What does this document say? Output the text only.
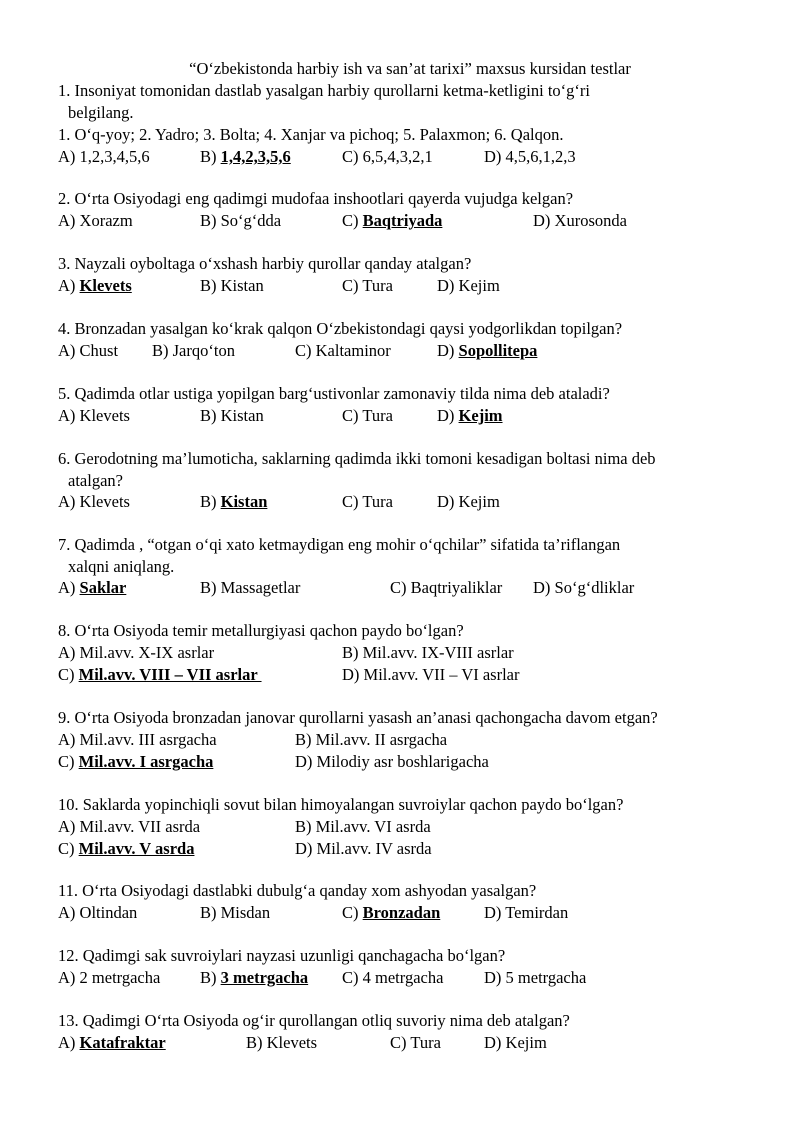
“O‘zbekistonda harbiy ish va san’at tarixi” maxsus kursidan testlar
1. Insoniyat tomonidan dastlab yasalgan harbiy qurollarni ketma-ketligini to‘g‘ri
belgilang.
1. O‘q-yoy; 2. Yadro; 3. Bolta; 4. Xanjar va pichoq; 5. Palaxmon; 6. Qalqon.
A) 1,2,3,4,5,6	B) 1,4,2,3,5,6	C) 6,5,4,3,2,1	D) 4,5,6,1,2,3
2. O‘rta Osiyodagi eng qadimgi mudofaa inshootlari qayerda vujudga kelgan?
A) Xorazm	B) So‘g‘dda	C) Baqtriyada	D) Xurosonda
3. Nayzali oyboltaga o‘xshash harbiy qurollar qanday atalgan?
A) Klevets	B) Kistan	C) Tura	D) Kejim
4. Bronzadan yasalgan ko‘krak qalqon O‘zbekistondagi qaysi yodgorlikdan topilgan?
A) Chust B) Jarqo‘ton	C) Kaltaminor	D) Sopollitepa
5. Qadimda otlar ustiga yopilgan barg‘ustivonlar zamonaviy tilda nima deb ataladi?
A) Klevets	B) Kistan	C) Tura	D) Kejim
6. Gerodotning ma’lumoticha, saklarning qadimda ikki tomoni kesadigan boltasi nima deb
atalgan?
A) Klevets	B) Kistan	C) Tura	D) Kejim
7. Qadimda , “otgan o‘qi xato ketmaydigan eng mohir o‘qchilar” sifatida ta’riflangan
xalqni aniqlang.
A) Saklar	B) Massagetlar	C) Baqtriyaliklar D) So‘g‘dliklar
8. O‘rta Osiyoda temir metallurgiyasi qachon paydo bo‘lgan?
A) Mil.avv. X-IX asrlar	B) Mil.avv. IX-VIII asrlar
C) Mil.avv. VIII – VII asrlar	D) Mil.avv. VII – VI asrlar
9. O‘rta Osiyoda bronzadan janovar qurollarni yasash an’anasi qachongacha davom etgan?
A) Mil.avv. III asrgacha	B) Mil.avv. II asrgacha
C) Mil.avv. I asrgacha	D) Milodiy asr boshlarigacha
10. Saklarda yopinchiqli sovut bilan himoyalangan suvroiylar qachon paydo bo‘lgan?
A) Mil.avv. VII asrda	B) Mil.avv. VI asrda
C) Mil.avv. V asrda	D) Mil.avv. IV asrda
11. O‘rta Osiyodagi dastlabki dubulg‘a qanday xom ashyodan yasalgan?
A) Oltindan	B) Misdan	C) Bronzadan	D) Temirdan
12. Qadimgi sak suvroiylari nayzasi uzunligi qanchagacha bo‘lgan?
A) 2 metrgacha B) 3 metrgacha C) 4 metrgacha D) 5 metrgacha
13. Qadimgi O‘rta Osiyoda og‘ir qurollangan otliq suvoriy nima deb atalgan?
A) Katafraktar	B) Klevets	C) Tura	D) Kejim
